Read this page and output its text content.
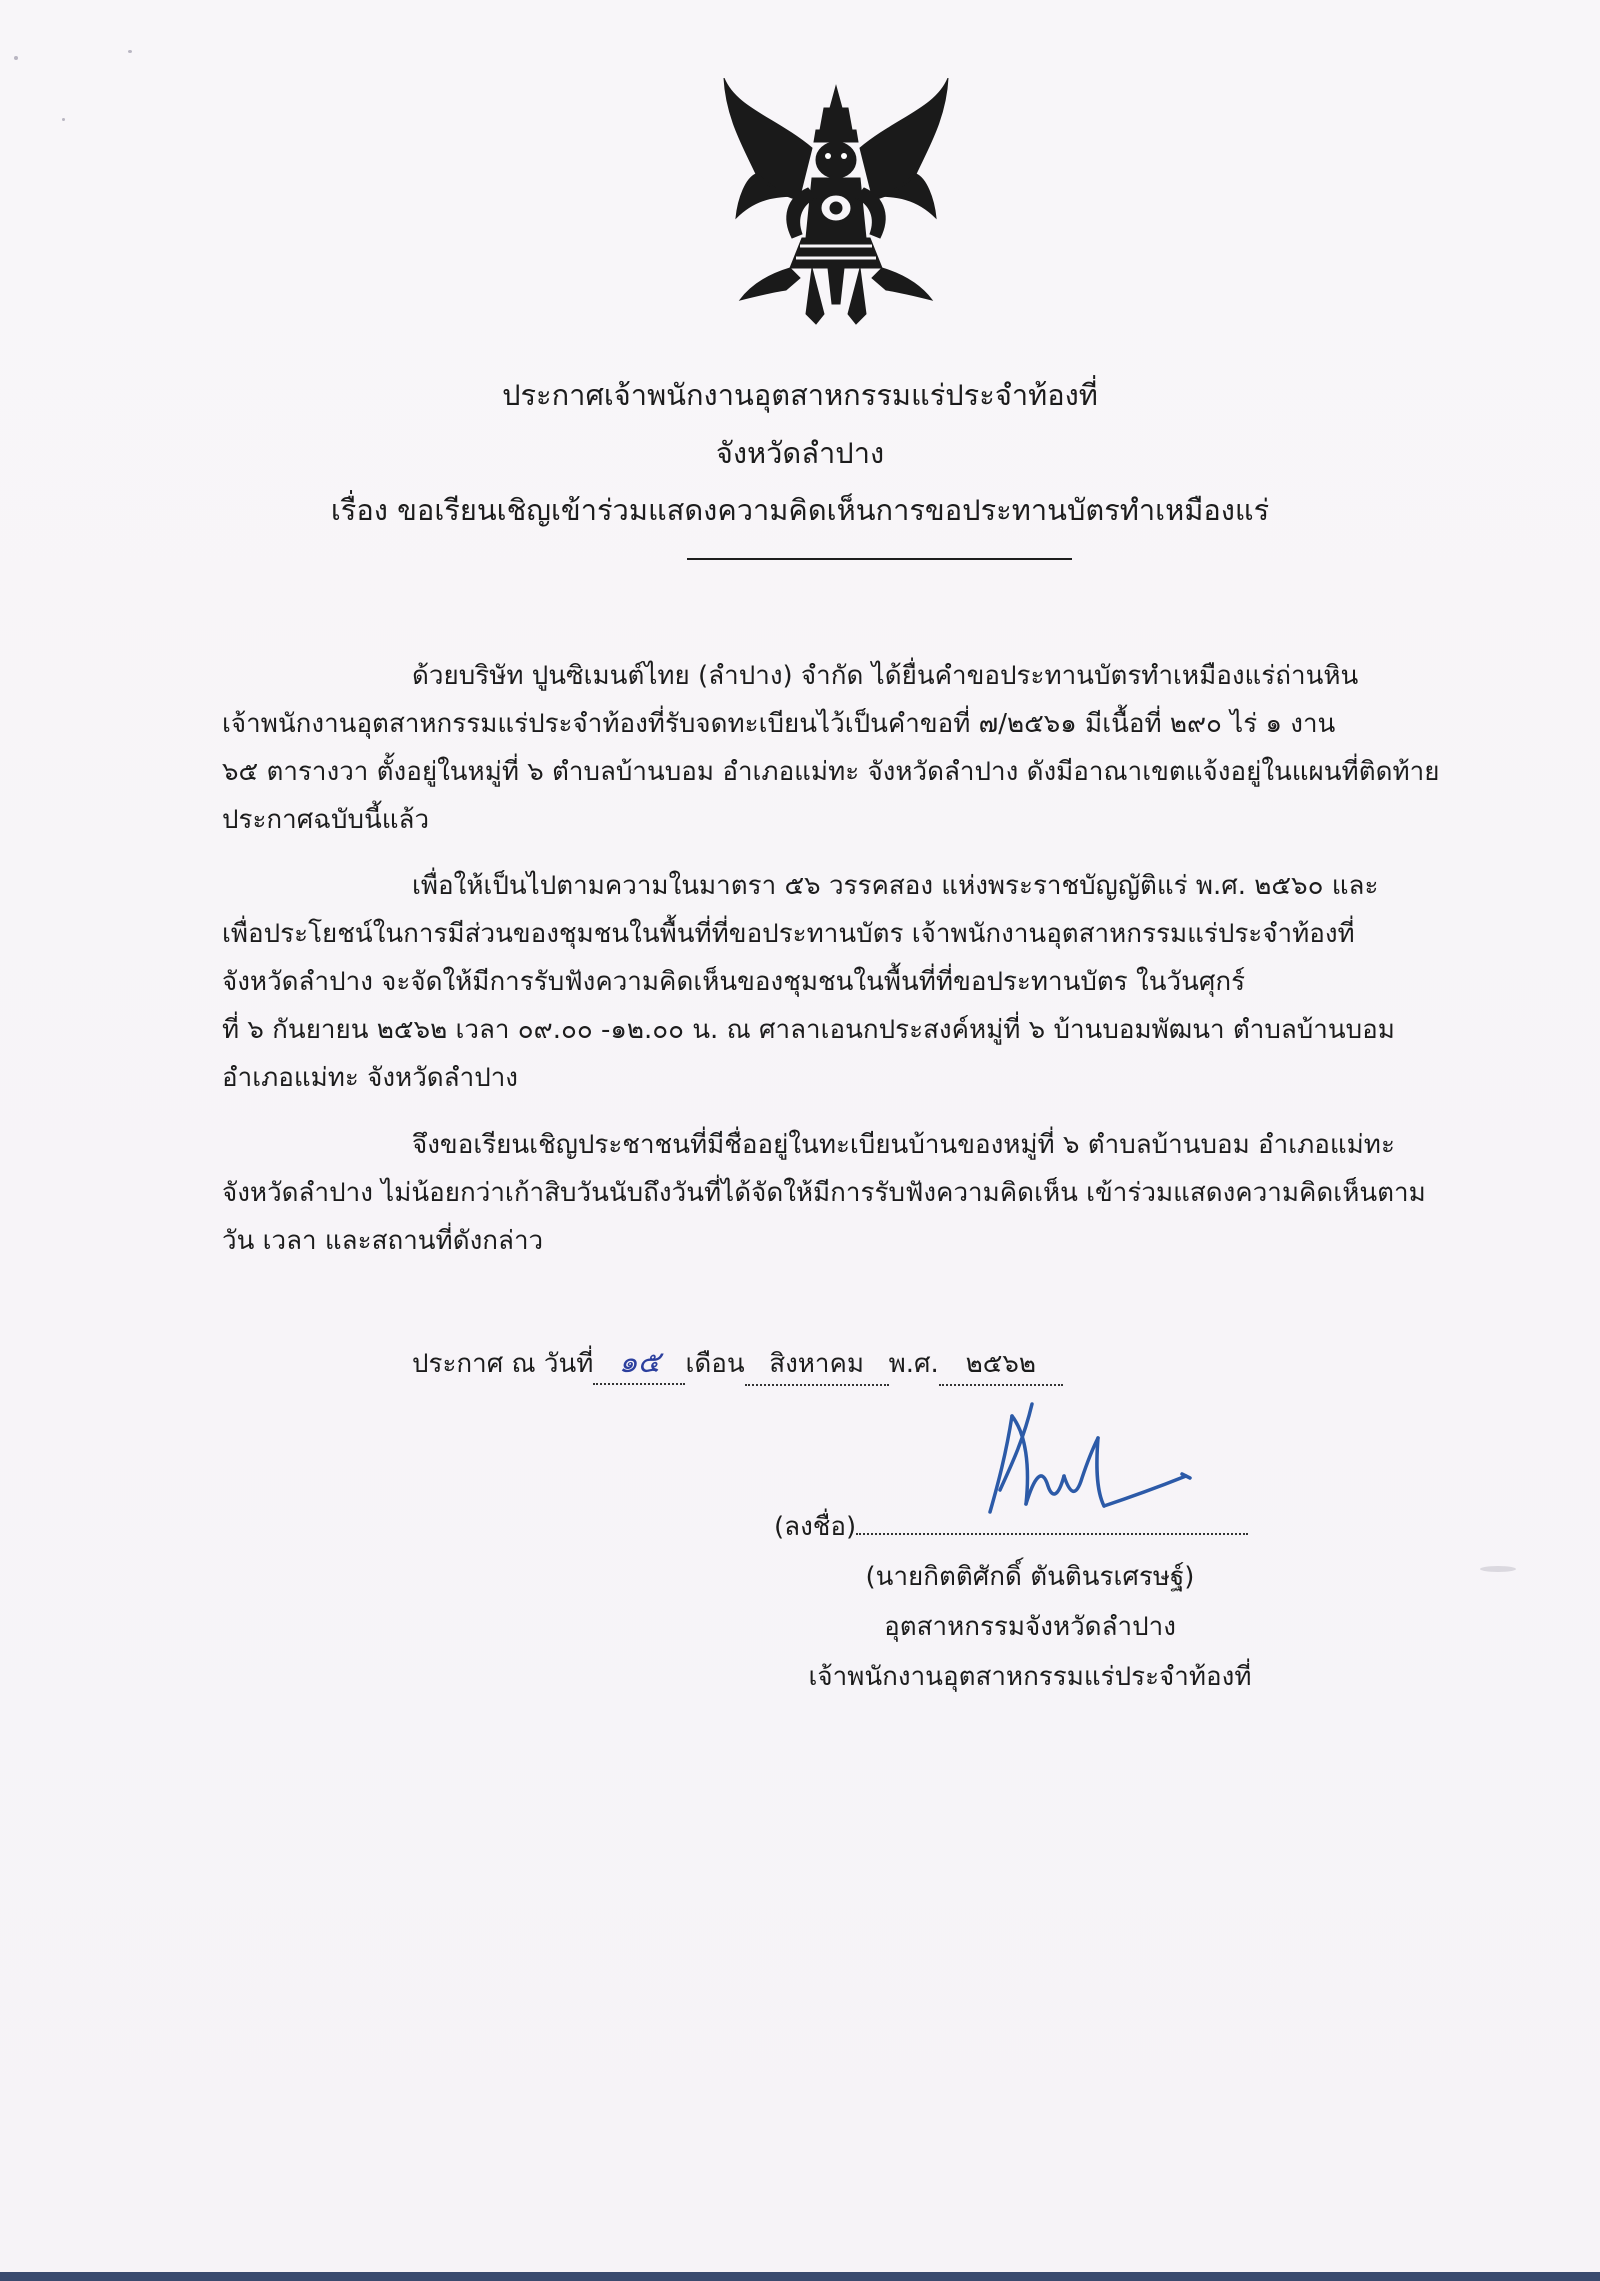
ประกาศเจ้าพนักงานอุตสาหกรรมแร่ประจำท้องที่
จังหวัดลำปาง
เรื่อง ขอเรียนเชิญเข้าร่วมแสดงความคิดเห็นการขอประทานบัตรทำเหมืองแร่
ด้วยบริษัท ปูนซิเมนต์ไทย (ลำปาง) จำกัด ได้ยื่นคำขอประทานบัตรทำเหมืองแร่ถ่านหิน
เจ้าพนักงานอุตสาหกรรมแร่ประจำท้องที่รับจดทะเบียนไว้เป็นคำขอที่ ๗/๒๕๖๑ มีเนื้อที่ ๒๙๐ ไร่ ๑ งาน
๖๕ ตารางวา ตั้งอยู่ในหมู่ที่ ๖ ตำบลบ้านบอม อำเภอแม่ทะ จังหวัดลำปาง ดังมีอาณาเขตแจ้งอยู่ในแผนที่ติดท้าย
ประกาศฉบับนี้แล้ว
เพื่อให้เป็นไปตามความในมาตรา ๕๖ วรรคสอง แห่งพระราชบัญญัติแร่ พ.ศ. ๒๕๖๐ และ
เพื่อประโยชน์ในการมีส่วนของชุมชนในพื้นที่ที่ขอประทานบัตร เจ้าพนักงานอุตสาหกรรมแร่ประจำท้องที่
จังหวัดลำปาง จะจัดให้มีการรับฟังความคิดเห็นของชุมชนในพื้นที่ที่ขอประทานบัตร ในวันศุกร์
ที่ ๖ กันยายน ๒๕๖๒ เวลา ๐๙.๐๐ -๑๒.๐๐ น. ณ ศาลาเอนกประสงค์หมู่ที่ ๖ บ้านบอมพัฒนา ตำบลบ้านบอม
อำเภอแม่ทะ จังหวัดลำปาง
จึงขอเรียนเชิญประชาชนที่มีชื่ออยู่ในทะเบียนบ้านของหมู่ที่ ๖ ตำบลบ้านบอม อำเภอแม่ทะ
จังหวัดลำปาง ไม่น้อยกว่าเก้าสิบวันนับถึงวันที่ได้จัดให้มีการรับฟังความคิดเห็น เข้าร่วมแสดงความคิดเห็นตาม
วัน เวลา และสถานที่ดังกล่าว
ประกาศ ณ วันที่ ๑๕ เดือน สิงหาคม พ.ศ. ๒๕๖๒
(ลงชื่อ)
(นายกิตติศักดิ์ ตันตินรเศรษฐ์)
อุตสาหกรรมจังหวัดลำปาง
เจ้าพนักงานอุตสาหกรรมแร่ประจำท้องที่
